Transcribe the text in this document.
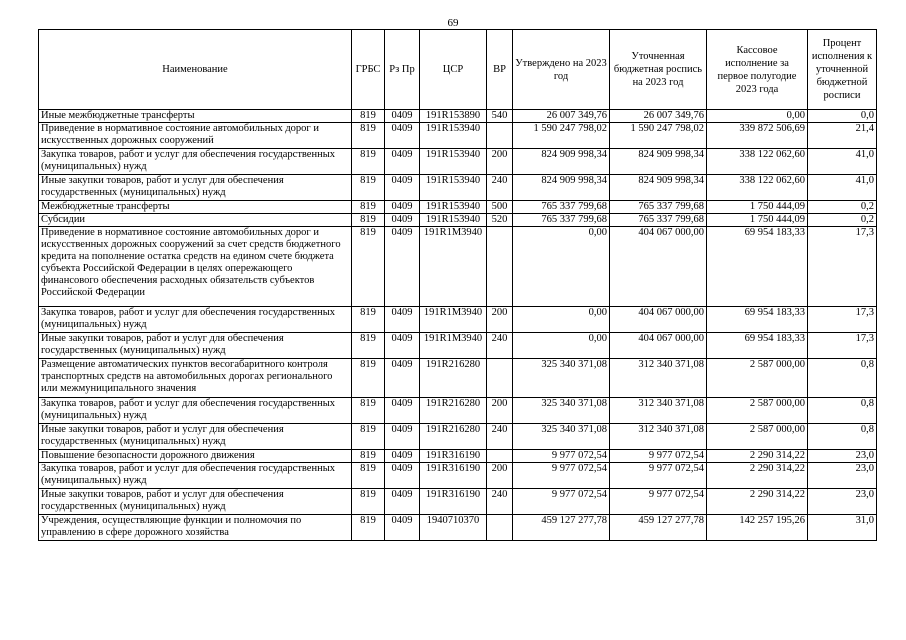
69
Наименование	ГРБС	Рз Пр	ЦСР	ВР	Утверждено на 2023 год	Уточненная бюджетная роспись на 2023 год	Кассовое исполнение за первое полугодие 2023 года	Процент исполнения к уточненной бюджетной росписи
Иные межбюджетные трансферты	819	0409	191R153890	540	26 007 349,76	26 007 349,76	0,00	0,0
Приведение в нормативное состояние автомобильных дорог и искусственных дорожных сооружений	819	0409	191R153940		1 590 247 798,02	1 590 247 798,02	339 872 506,69	21,4
Закупка товаров, работ и услуг для обеспечения государственных (муниципальных) нужд	819	0409	191R153940	200	824 909 998,34	824 909 998,34	338 122 062,60	41,0
Иные закупки товаров, работ и услуг для обеспечения государственных (муниципальных) нужд	819	0409	191R153940	240	824 909 998,34	824 909 998,34	338 122 062,60	41,0
Межбюджетные трансферты	819	0409	191R153940	500	765 337 799,68	765 337 799,68	1 750 444,09	0,2
Субсидии	819	0409	191R153940	520	765 337 799,68	765 337 799,68	1 750 444,09	0,2
Приведение в нормативное состояние автомобильных дорог и искусственных дорожных сооружений за счет средств бюджетного кредита на пополнение остатка средств на едином счете бюджета субъекта Российской Федерации в целях опережающего финансового обеспечения расходных обязательств субъектов Российской Федерации	819	0409	191R1M3940		0,00	404 067 000,00	69 954 183,33	17,3
Закупка товаров, работ и услуг для обеспечения государственных (муниципальных) нужд	819	0409	191R1M3940	200	0,00	404 067 000,00	69 954 183,33	17,3
Иные закупки товаров, работ и услуг для обеспечения государственных (муниципальных) нужд	819	0409	191R1M3940	240	0,00	404 067 000,00	69 954 183,33	17,3
Размещение автоматических пунктов весогабаритного контроля транспортных средств на автомобильных дорогах регионального или межмуниципального значения	819	0409	191R216280		325 340 371,08	312 340 371,08	2 587 000,00	0,8
Закупка товаров, работ и услуг для обеспечения государственных (муниципальных) нужд	819	0409	191R216280	200	325 340 371,08	312 340 371,08	2 587 000,00	0,8
Иные закупки товаров, работ и услуг для обеспечения государственных (муниципальных) нужд	819	0409	191R216280	240	325 340 371,08	312 340 371,08	2 587 000,00	0,8
Повышение безопасности дорожного движения	819	0409	191R316190		9 977 072,54	9 977 072,54	2 290 314,22	23,0
Закупка товаров, работ и услуг для обеспечения государственных (муниципальных) нужд	819	0409	191R316190	200	9 977 072,54	9 977 072,54	2 290 314,22	23,0
Иные закупки товаров, работ и услуг для обеспечения государственных (муниципальных) нужд	819	0409	191R316190	240	9 977 072,54	9 977 072,54	2 290 314,22	23,0
Учреждения, осуществляющие функции и полномочия по управлению в сфере дорожного хозяйства	819	0409	1940710370		459 127 277,78	459 127 277,78	142 257 195,26	31,0
